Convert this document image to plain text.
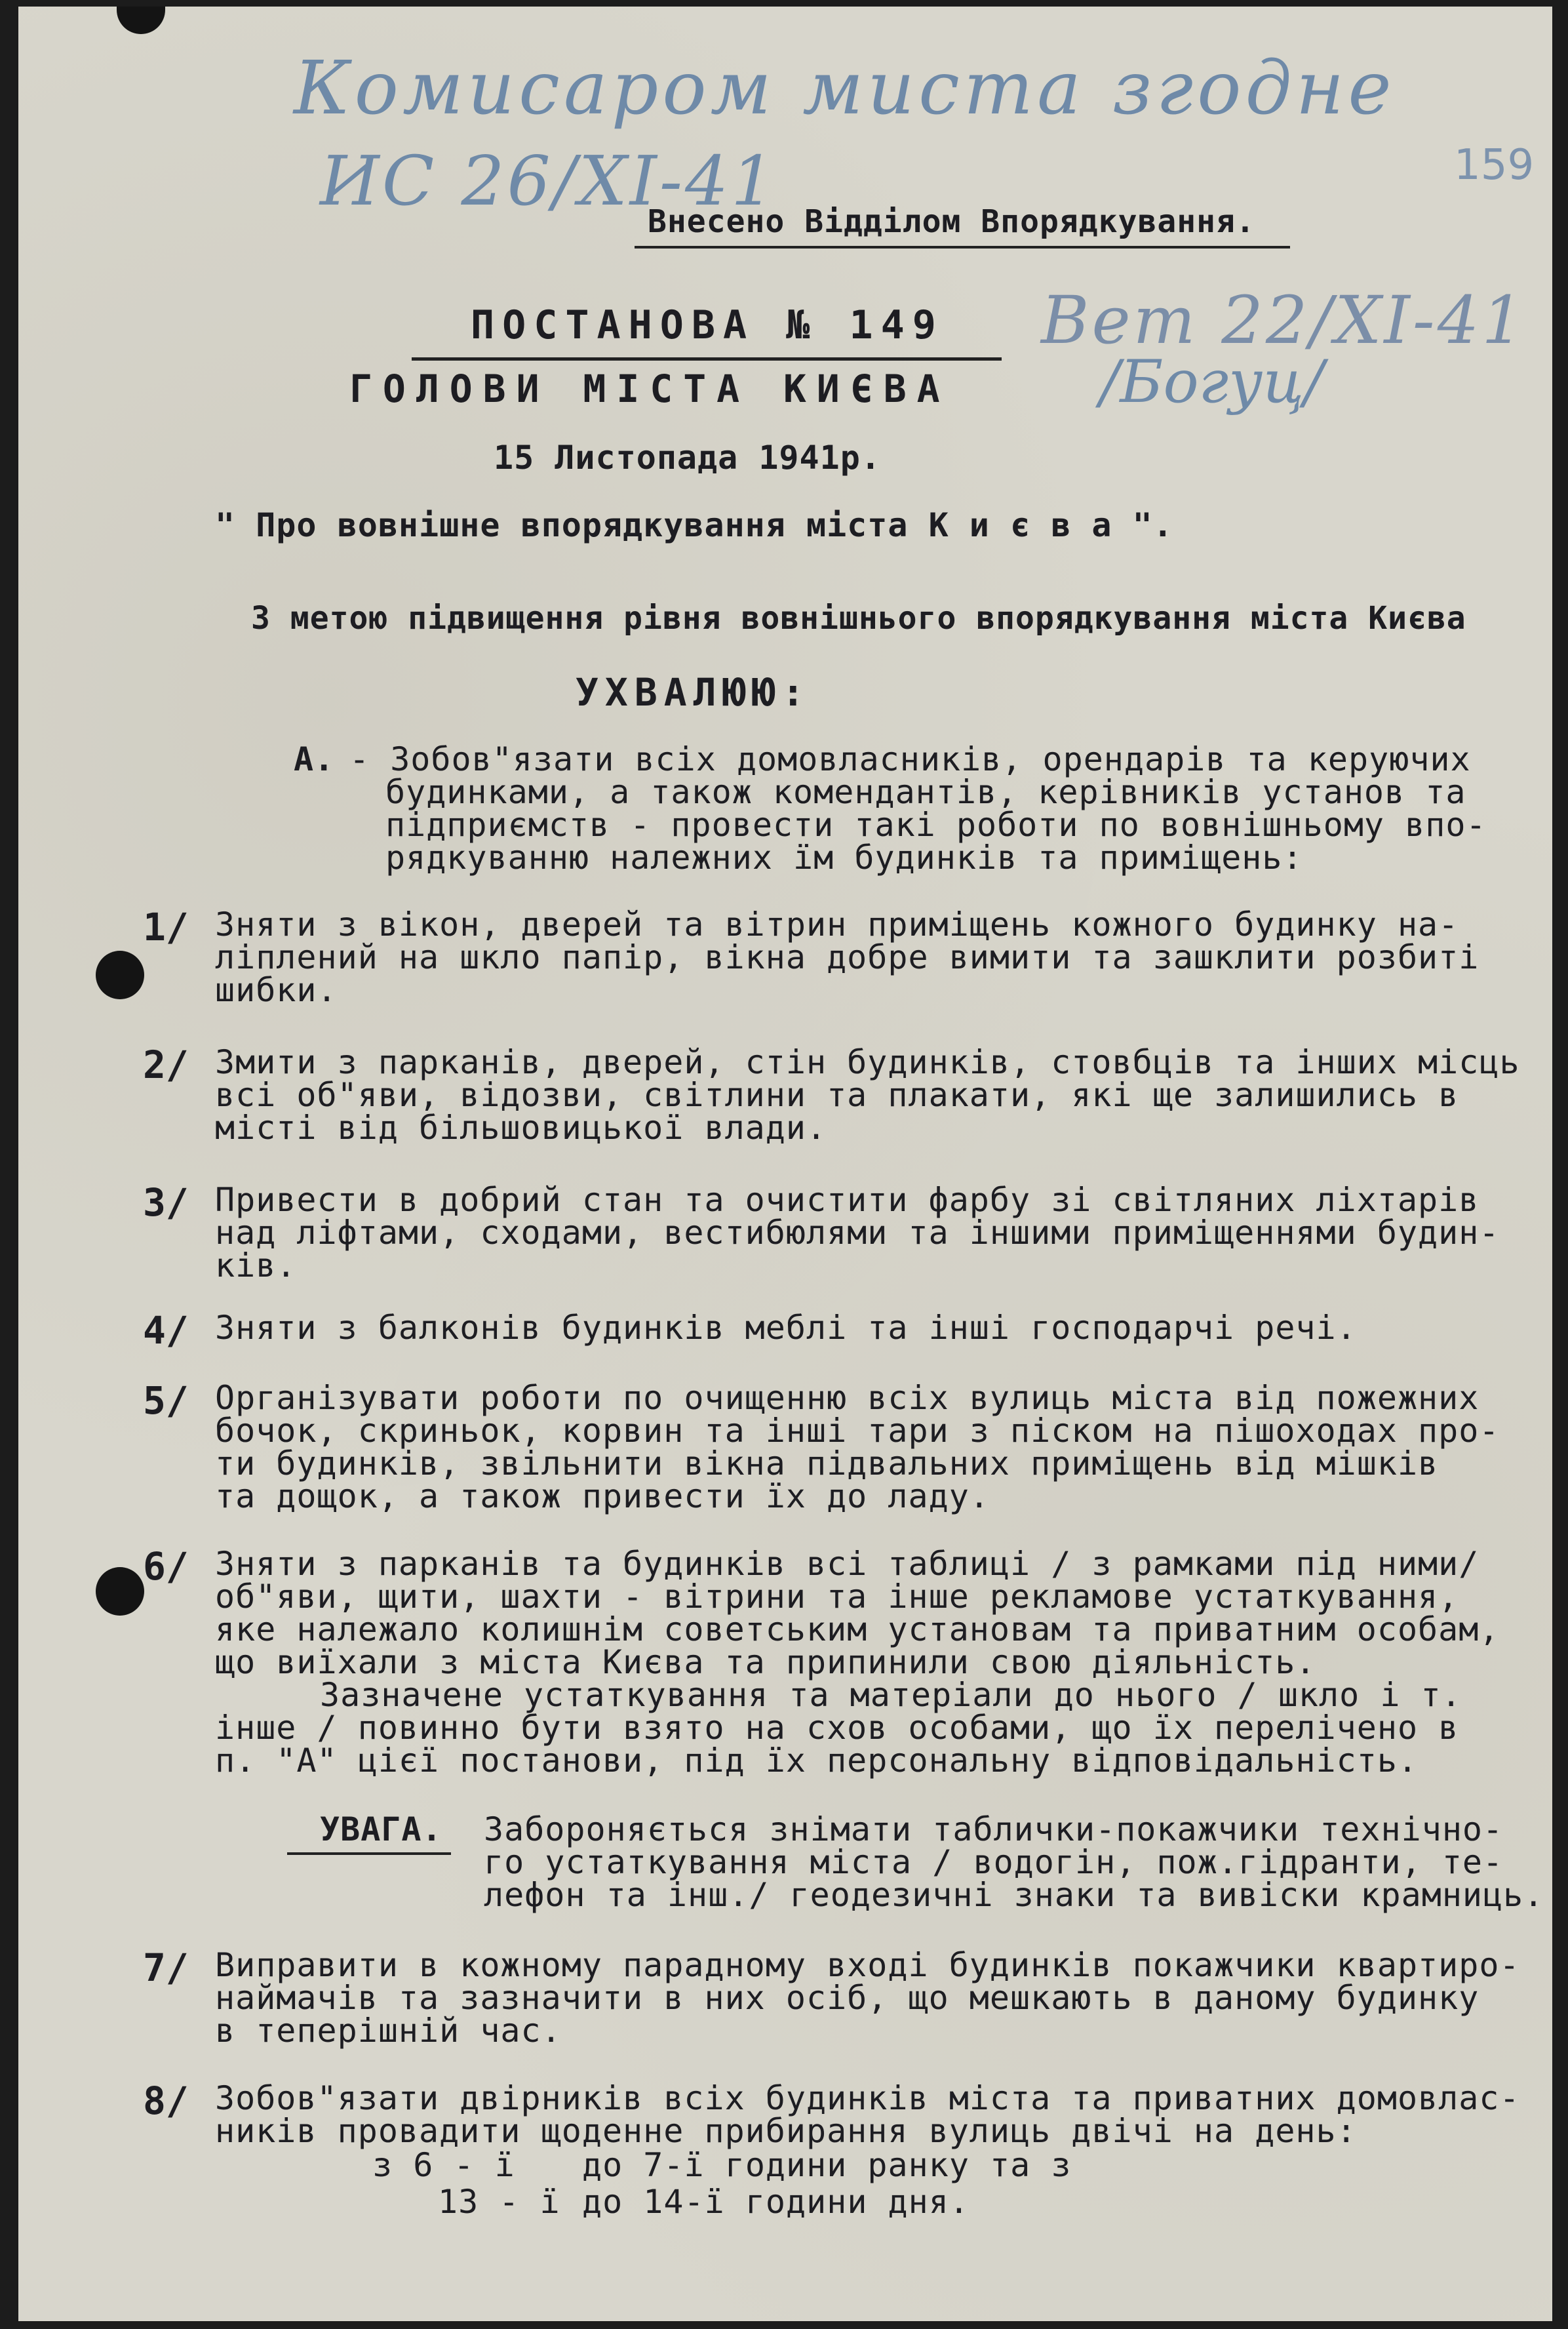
Комисаром миста згодне
ИС 26/XI-41	159
Вет 22/XI-41
/Богуц/
Внесено Відділом Впорядкування.
ПОСТАНОВА № 149
ГОЛОВИ МІСТА КИЄВА
15 Листопада 1941р.
" Про вовнішне впорядкування міста К и є в а ".
З метою підвищення рівня вовнішнього впорядкування міста Києва
УХВАЛЮЮ:
А. - Зобов"язати всіх домовласників, орендарів та керуючих
будинками, а також комендантів, керівників установ та
підприємств - провести такі роботи по вовнішньому впо-
рядкуванню належних їм будинків та приміщень:
1/ Зняти з вікон, дверей та вітрин приміщень кожного будинку на-
ліплений на шкло папір, вікна добре вимити та зашклити розбиті
шибки.
2/ Змити з парканів, дверей, стін будинків, стовбців та інших місць
всі об"яви, відозви, світлини та плакати, які ще залишились в
місті від більшовицької влади.
3/ Привести в добрий стан та очистити фарбу зі світляних ліхтарів
над ліфтами, сходами, вестибюлями та іншими приміщеннями будин-
ків.
4/ Зняти з балконів будинків меблі та інші господарчі речі.
5/ Організувати роботи по очищенню всіх вулиць міста від пожежних
бочок, скриньок, корвин та інші тари з піском на пішоходах про-
ти будинків, звільнити вікна підвальних приміщень від мішків
та дощок, а також привести їх до ладу.
6/ Зняти з парканів та будинків всі таблиці / з рамками під ними/
об"яви, щити, шахти - вітрини та інше рекламове устаткування,
яке належало колишнім советським установам та приватним особам,
що виїхали з міста Києва та припинили свою діяльність.
Зазначене устаткування та матеріали до нього / шкло і т.
інше / повинно бути взято на схов особами, що їх перелічено в
п. "А" цієї постанови, під їх персональну відповідальність.
УВАГА. Забороняється знімати таблички-покажчики технічно-
го устаткування міста / водогін, пож.гідранти, те-
лефон та інш./ геодезичні знаки та вивіски крамниць.
7/ Виправити в кожному парадному вході будинків покажчики квартиро-
наймачів та зазначити в них осіб, що мешкають в даному будинку
в теперішній час.
8/ Зобов"язати двірників всіх будинків міста та приватних домовлас-
ників провадити щоденне прибирання вулиць двічі на день:
з 6 - ї до 7-ї години ранку та з
13 - ї до 14-ї години дня.
